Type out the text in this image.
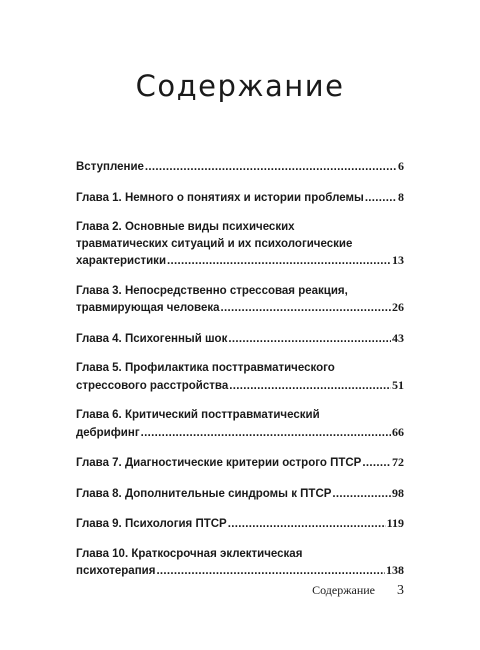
Содержание
Вступление .....	6
Глава 1. Немного о понятиях и истории проблемы .....	8
Глава 2. Основные виды психических
травматических ситуаций и их психологические
характеристики .....	13
Глава 3. Непосредственно стрессовая реакция,
травмирующая человека .....	26
Глава 4. Психогенный шок .....	43
Глава 5. Профилактика посттравматического
стрессового расстройства .....	51
Глава 6. Критический посттравматический
дебрифинг .....	66
Глава 7. Диагностические критерии острого ПТСР .....	72
Глава 8. Дополнительные синдромы к ПТСР .....	98
Глава 9. Психология ПТСР .....	119
Глава 10. Краткосрочная эклектическая
психотерапия .....	138
Содержание 3
